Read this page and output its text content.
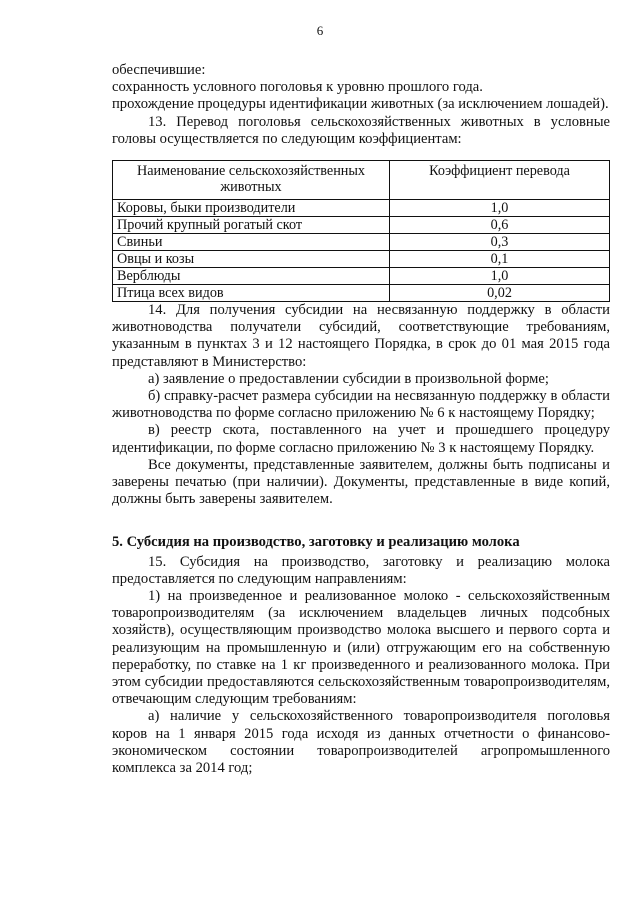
6

обеспечившие:

сохранность условного поголовья к уровню прошлого года.

прохождение процедуры идентификации животных (за исключением лошадей).

13. Перевод поголовья сельскохозяйственных животных в условные головы осуществляется по следующим коэффициентам:

Наименование сельскохозяйственных животных	Коэффициент перевода
Коровы, быки производители	1,0
Прочий крупный рогатый скот	0,6
Свиньи	0,3
Овцы и козы	0,1
Верблюды	1,0
Птица всех видов	0,02

14. Для получения субсидии на несвязанную поддержку в области животноводства получатели субсидий, соответствующие требованиям, указанным в пунктах 3 и 12 настоящего Порядка, в срок до 01 мая 2015 года представляют в Министерство:

а) заявление о предоставлении субсидии в произвольной форме;

б) справку-расчет размера субсидии на несвязанную поддержку в области животноводства по форме согласно приложению № 6 к настоящему Порядку;

в) реестр скота, поставленного на учет и прошедшего процедуру идентификации, по форме согласно приложению № 3 к настоящему Порядку.

Все документы, представленные заявителем, должны быть подписаны и заверены печатью (при наличии). Документы, представленные в виде копий, должны быть заверены заявителем.

5. Субсидия на производство, заготовку и реализацию молока

15. Субсидия на производство, заготовку и реализацию молока предоставляется по следующим направлениям:

1) на произведенное и реализованное молоко - сельскохозяйственным товаропроизводителям (за исключением владельцев личных подсобных хозяйств), осуществляющим производство молока высшего и первого сорта и реализующим на промышленную и (или) отгружающим его на собственную переработку, по ставке на 1 кг произведенного и реализованного молока. При этом субсидии предоставляются сельскохозяйственным товаропроизводителям, отвечающим следующим требованиям:

а) наличие у сельскохозяйственного товаропроизводителя поголовья коров на 1 января 2015 года исходя из данных отчетности о финансово-экономическом состоянии товаропроизводителей агропромышленного комплекса за 2014 год;
